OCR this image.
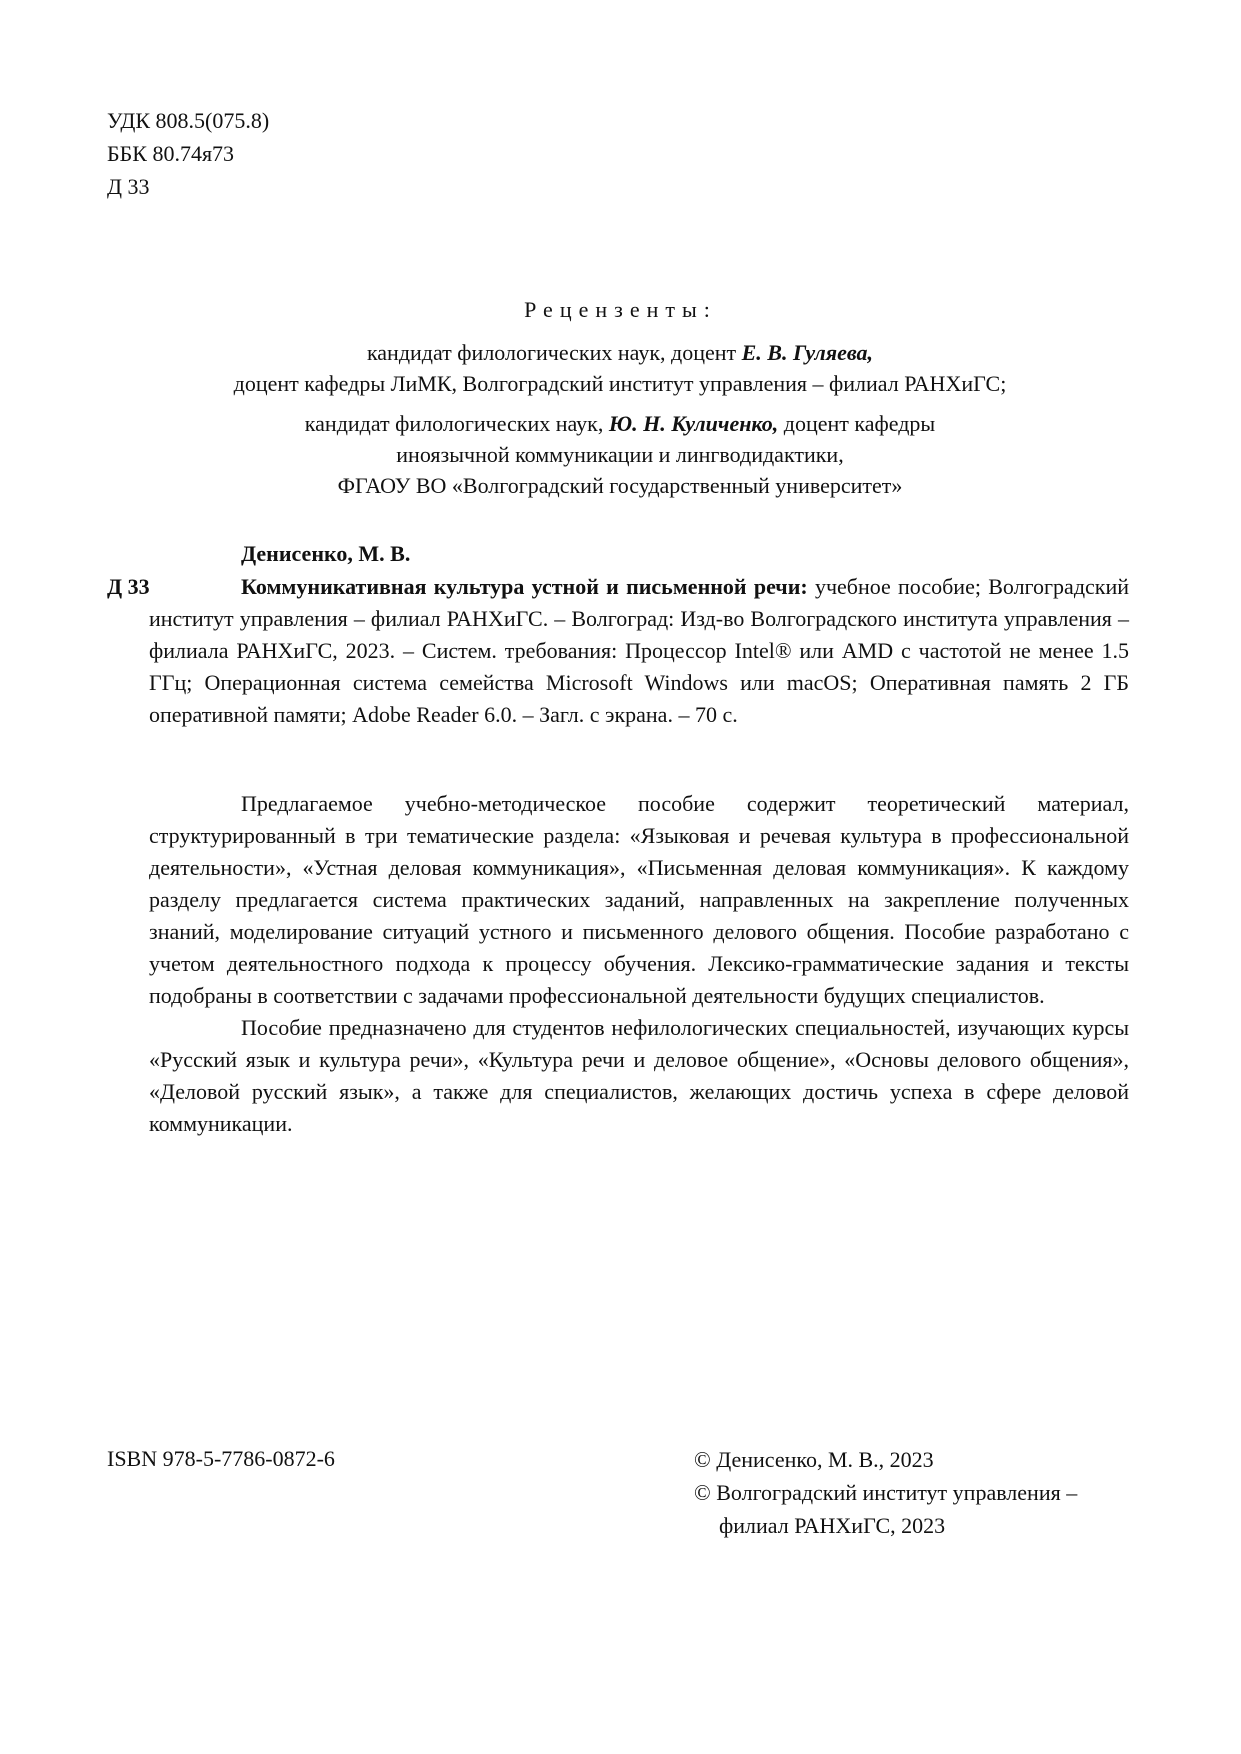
УДК 808.5(075.8)
ББК 80.74я73
Д 33
Рецензенты:
кандидат филологических наук, доцент Е. В. Гуляева,
доцент кафедры ЛиМК, Волгоградский институт управления – филиал РАНХиГС;
кандидат филологических наук, Ю. Н. Куличенко, доцент кафедры
иноязычной коммуникации и лингводидактики,
ФГАОУ ВО «Волгоградский государственный университет»
Денисенко, М. В.
Д 33	Коммуникативная культура устной и письменной речи: учебное пособие; Волгоградский институт управления – филиал РАНХиГС. – Волгоград: Изд-во Волгоградского института управления – филиала РАНХиГС, 2023. – Систем. требования: Процессор Intel® или AMD с частотой не менее 1.5 ГГц; Операционная система семейства Microsoft Windows или macOS; Оперативная память 2 ГБ оперативной памяти; Adobe Reader 6.0. – Загл. с экрана. – 70 с.

Предлагаемое учебно-методическое пособие содержит теоретический материал, структурированный в три тематические раздела: «Языковая и речевая культура в профессиональной деятельности», «Устная деловая коммуникация», «Письменная деловая коммуникация». К каждому разделу предлагается система практических заданий, направленных на закрепление полученных знаний, моделирование ситуаций устного и письменного делового общения. Пособие разработано с учетом деятельностного подхода к процессу обучения. Лексико-грамматические задания и тексты подобраны в соответствии с задачами профессиональной деятельности будущих специалистов.

Пособие предназначено для студентов нефилологических специальностей, изучающих курсы «Русский язык и культура речи», «Культура речи и деловое общение», «Основы делового общения», «Деловой русский язык», а также для специалистов, желающих достичь успеха в сфере деловой коммуникации.

ISBN 978-5-7786-0872-6	© Денисенко, М. В., 2023
© Волгоградский институт управления –
филиал РАНХиГС, 2023
